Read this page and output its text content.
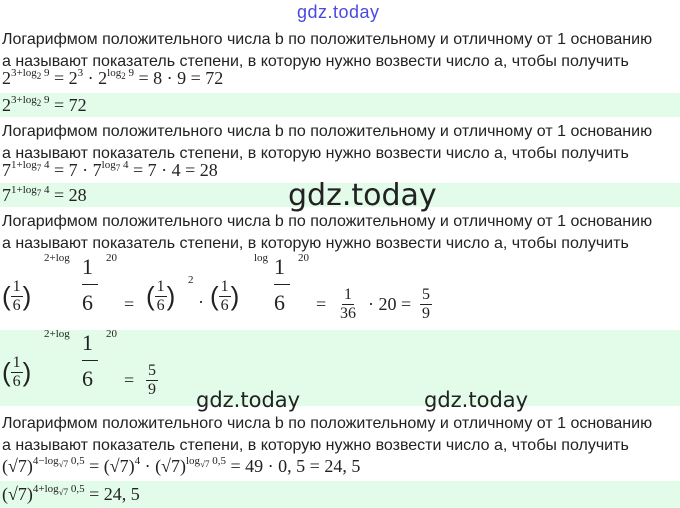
gdz.today
Логарифмом положительного числа b по положительному и отличному от 1 основанию
a называют показатель степени, в которую нужно возвести число a, чтобы получить
$2^{3+log_2 9} = 2^3 \cdot 2^{log_2 9} = 8 \cdot 9 = 72$
$2^{3+log_2 9} = 72$
Логарифмом положительного числа b по положительному и отличному от 1 основанию
a называют показатель степени, в которую нужно возвести число a, чтобы получить
$7^{1+log_7 4} = 7 \cdot 7^{log_7 4} = 7 \cdot 4 = 28$
$7^{1+log_7 4} = 28$	gdz.today
Логарифмом положительного числа b по положительному и отличному от 1 основанию
a называют показатель степени, в которую нужно возвести число a, чтобы получить
2+log 1
6
20
( $\frac{1}{6}$ )	= ( $\frac{1}{6}$ )
2
· ( $\frac{1}{6}$ )
log 1
6
20
= $\frac{1}{36} \cdot 20 = \frac{5}{9}$
2+log 1
6
20
( $\frac{1}{6}$ )	= $\frac{5}{9}$
gdz.today	gdz.today
Логарифмом положительного числа b по положительному и отличному от 1 основанию
a называют показатель степени, в которую нужно возвести число a, чтобы получить
$(√7)^{4-log_{√7} 0,5} = (√7)^4 \cdot (√7)^{log_{√7} 0,5} = 49 \cdot 0$, 5 = 24, 5
$(√7)^{4+log_{√7} 0,5} = 24$, 5
